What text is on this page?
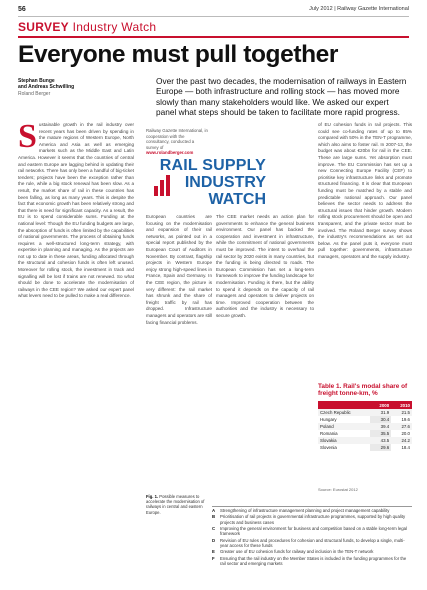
56	July 2012 | Railway Gazette International
SURVEY Industry Watch
Everyone must pull together
Stephan Bunge
and Andreas Schwilling
Roland Berger
Over the past two decades, the modernisation of railways in Eastern Europe — both infrastructure and rolling stock — has moved more slowly than many stakeholders would like. We asked our expert panel what steps should be taken to facilitate more rapid progress.
S ustainable growth in the rail industry over recent years has been driven by spending in the mature regions of Western Europe, North America and Asia as well as emerging markets such as the Middle East and Latin America. However it seems that the countries of central and eastern Europe are lagging behind in updating their rail networks. There has only been a handful of big-ticket tenders; projects have been the exception rather than the rule, while a big stock renewal has been slow. As a result, the market share of rail in these countries has been falling, as long as many years. This is despite the fact that economic growth has been relatively strong and that there is need for significant capacity. As a result, the EU is to spend considerable sums. Funding at the national level: Though the EU funding budgets are large, the absorption of funds is often limited by the capabilities of national governments. The process of obtaining funds requires a well-structured long-term strategy, with expertise in planning and managing. As the projects are not up to date in these areas, funding allocated through the structural and cohesion funds is often left unused. Moreover for rolling stock, the investment in track and signalling will be lost if trains are not renewed. So what should be done to accelerate the modernisation of railways in the CEE region? We asked our expert panel what levers need to be pulled to make a real difference.
Railway Gazette International, in cooperation with the consultancy, conducted a survey of www.rolandberger.com
RAIL SUPPLY
INDUSTRY WATCH
European countries are focusing on the modernisation and expansion of their rail networks, as pointed out in a special report published by the European Court of Auditors in November. By contrast, flagship projects in Western Europe enjoy strong high-speed lines in France, Spain and Germany. In the CEE region, the picture is very different: the rail market has shrunk and the share of freight traffic by rail has dropped. Infrastructure managers and operators are still facing financial problems.
The CEE market needs an action plan for governments to enhance the general business environment. Our panel has backed the cooperation and investment in infrastructure, while the commitment of national governments must be improved. The intent to overhaul the rail sector by 2020 exists in many countries, but the funding is being directed to roads. The European Commission has set a long-term framework to improve the funding landscape for modernisation. Funding is there, but the ability to spend it depends on the capacity of rail managers and operators to deliver projects on time. Improved cooperation between the authorities and the industry is necessary to secure growth.
of EU cohesion funds in rail projects. This could see co-funding rates of up to 85% compared with 50% in the TEN-T programme, which also aims to foster rail. In 2007-13, the budget was about €20bn for rail in the CEE. These are large sums. Yet absorption must improve. The EU Commission has set up a new Connecting Europe Facility (CEF) to prioritise key infrastructure links and promote structured financing. It is clear that European funding must be matched by a stable and predictable national approach. Our panel believes the sector needs to address the structural issues that hinder growth. Modern rolling stock procurement should be open and transparent, and the private sector must be involved. The Roland Berger survey shows the industry's recommendations as set out below. As the panel puts it, everyone must pull together: governments, infrastructure managers, operators and the supply industry.
Table 1. Rail's modal share of freight tonne-km, %
	2000	2010
Czech Republic	31.9	21.5
Hungary	30.4	19.6
Poland	39.4	27.6
Romania	35.5	20.0
Slovakia	43.5	24.2
Slovenia	29.6	18.4
Source: Eurostat 2012
Fig. 1. Possible measures to accelerate the modernisation of railways in central and eastern Europe.	A Strengthening of infrastructure management planning and project management capability
B Prioritisation of rail projects in governmental infrastructure programmes, supported by high quality projects and business cases
C Improving the general environment for business and competition based on a stable long-term legal framework
D Revision of EU rules and procedures for cohesion and structural funds, to develop a single, multi-year access for these funds
E Greater use of EU cohesion funds for railway and inclusion in the TEN-T network
F Ensuring that the rail industry on the Member States is included in the funding programmes for the rail sector and emerging markets
